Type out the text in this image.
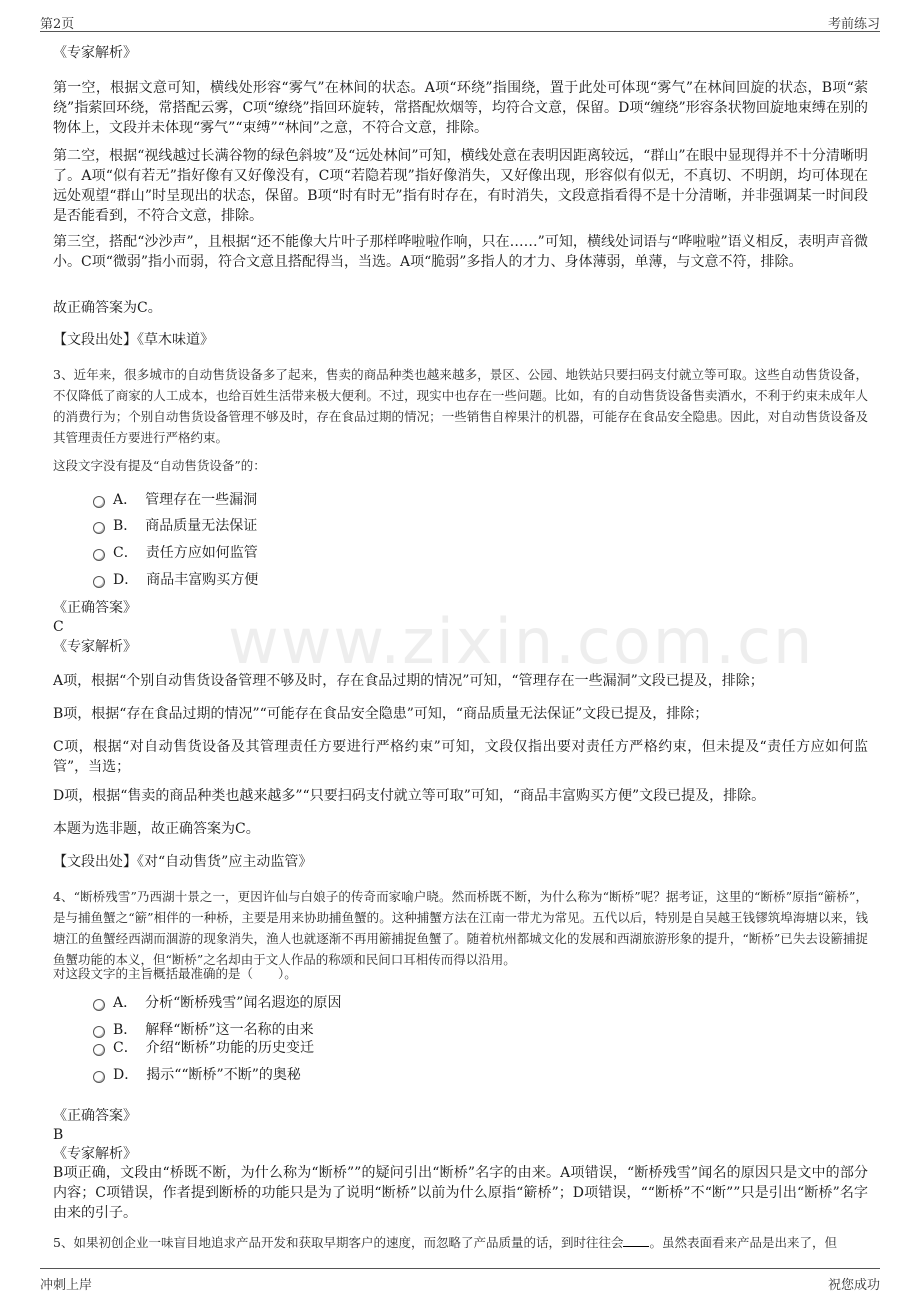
第2页	考前练习
www.zixin.com.cn
《专家解析》
第一空，根据文意可知，横线处形容“雾气”在林间的状态。A项“环绕”指围绕，置于此处可体现“雾气”在林间回旋的状态，B项“萦绕”指萦回环绕，常搭配云雾，C项“缭绕”指回环旋转，常搭配炊烟等，均符合文意，保留。D项“缠绕”形容条状物回旋地束缚在别的物体上，文段并未体现“雾气”“束缚”“林间”之意，不符合文意，排除。
第二空，根据“视线越过长满谷物的绿色斜坡”及“远处林间”可知，横线处意在表明因距离较远，“群山”在眼中显现得并不十分清晰明了。A项“似有若无”指好像有又好像没有，C项“若隐若现”指好像消失，又好像出现，形容似有似无，不真切、不明朗，均可体现在远处观望“群山”时呈现出的状态，保留。B项“时有时无”指有时存在，有时消失，文段意指看得不是十分清晰，并非强调某一时间段是否能看到，不符合文意，排除。
第三空，搭配“沙沙声”，且根据“还不能像大片叶子那样哗啦啦作响，只在……”可知，横线处词语与“哗啦啦”语义相反，表明声音微小。C项“微弱”指小而弱，符合文意且搭配得当，当选。A项“脆弱”多指人的才力、身体薄弱，单薄，与文意不符，排除。
故正确答案为C。
【文段出处】《草木味道》
3、近年来，很多城市的自动售货设备多了起来，售卖的商品种类也越来越多，景区、公园、地铁站只要扫码支付就立等可取。这些自动售货设备，不仅降低了商家的人工成本，也给百姓生活带来极大便利。不过，现实中也存在一些问题。比如，有的自动售货设备售卖酒水，不利于约束未成年人的消费行为；个别自动售货设备管理不够及时，存在食品过期的情况；一些销售自榨果汁的机器，可能存在食品安全隐患。因此，对自动售货设备及其管理责任方要进行严格约束。
这段文字没有提及“自动售货设备”的：
A． 管理存在一些漏洞
B． 商品质量无法保证
C． 责任方应如何监管
D． 商品丰富购买方便
《正确答案》
C
《专家解析》
A项，根据“个别自动售货设备管理不够及时，存在食品过期的情况”可知，“管理存在一些漏洞”文段已提及，排除；
B项，根据“存在食品过期的情况”“可能存在食品安全隐患”可知，“商品质量无法保证”文段已提及，排除；
C项，根据“对自动售货设备及其管理责任方要进行严格约束”可知，文段仅指出要对责任方严格约束，但未提及“责任方应如何监管”，当选；
D项，根据“售卖的商品种类也越来越多”“只要扫码支付就立等可取”可知，“商品丰富购买方便”文段已提及，排除。
本题为选非题，故正确答案为C。
【文段出处】《对“自动售货”应主动监管》
4、“断桥残雪”乃西湖十景之一，更因许仙与白娘子的传奇而家喻户晓。然而桥既不断，为什么称为“断桥”呢？据考证，这里的“断桥”原指“簖桥”，是与捕鱼蟹之“簖”相伴的一种桥，主要是用来协助捕鱼蟹的。这种捕蟹方法在江南一带尤为常见。五代以后，特别是自吴越王钱镠筑埠海塘以来，钱塘江的鱼蟹经西湖而涸游的现象消失，渔人也就逐渐不再用簖捕捉鱼蟹了。随着杭州都城文化的发展和西湖旅游形象的提升，“断桥”已失去设簖捕捉鱼蟹功能的本义，但“断桥”之名却由于文人作品的称颂和民间口耳相传而得以沿用。
对这段文字的主旨概括最准确的是（　　）。
A． 分析“断桥残雪”闻名遐迩的原因
B． 解释“断桥”这一名称的由来
C． 介绍“断桥”功能的历史变迁
D． 揭示““断桥”不断”的奥秘
《正确答案》
B
《专家解析》
B项正确，文段由“桥既不断，为什么称为“断桥””的疑问引出“断桥”名字的由来。A项错误，“断桥残雪”闻名的原因只是文中的部分内容；C项错误，作者提到断桥的功能只是为了说明“断桥”以前为什么原指“簖桥”；D项错误，““断桥”不“断””只是引出“断桥”名字由来的引子。
5、如果初创企业一味盲目地追求产品开发和获取早期客户的速度，而忽略了产品质量的话，到时往往会 。虽然表面看来产品是出来了，但
冲刺上岸	祝您成功
